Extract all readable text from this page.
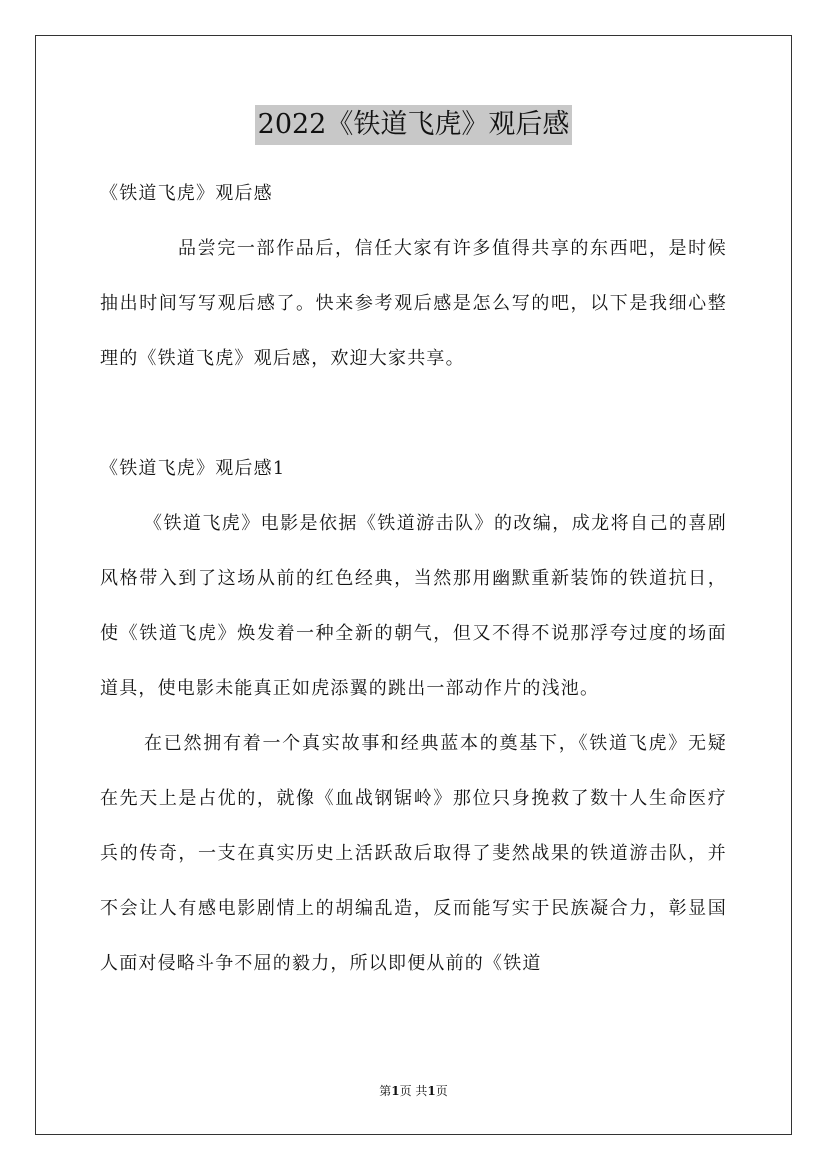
2022《铁道飞虎》观后感

《铁道飞虎》观后感

品尝完一部作品后，信任大家有许多值得共享的东西吧，是时候抽出时间写写观后感了。快来参考观后感是怎么写的吧，以下是我细心整理的《铁道飞虎》观后感，欢迎大家共享。

《铁道飞虎》观后感1

《铁道飞虎》电影是依据《铁道游击队》的改编，成龙将自己的喜剧风格带入到了这场从前的红色经典，当然那用幽默重新装饰的铁道抗日，使《铁道飞虎》焕发着一种全新的朝气，但又不得不说那浮夸过度的场面道具，使电影未能真正如虎添翼的跳出一部动作片的浅池。

在已然拥有着一个真实故事和经典蓝本的奠基下，《铁道飞虎》无疑在先天上是占优的，就像《血战钢锯岭》那位只身挽救了数十人生命医疗兵的传奇，一支在真实历史上活跃敌后取得了斐然战果的铁道游击队，并不会让人有感电影剧情上的胡编乱造，反而能写实于民族凝合力，彰显国人面对侵略斗争不屈的毅力，所以即便从前的《铁道

第1页 共1页
